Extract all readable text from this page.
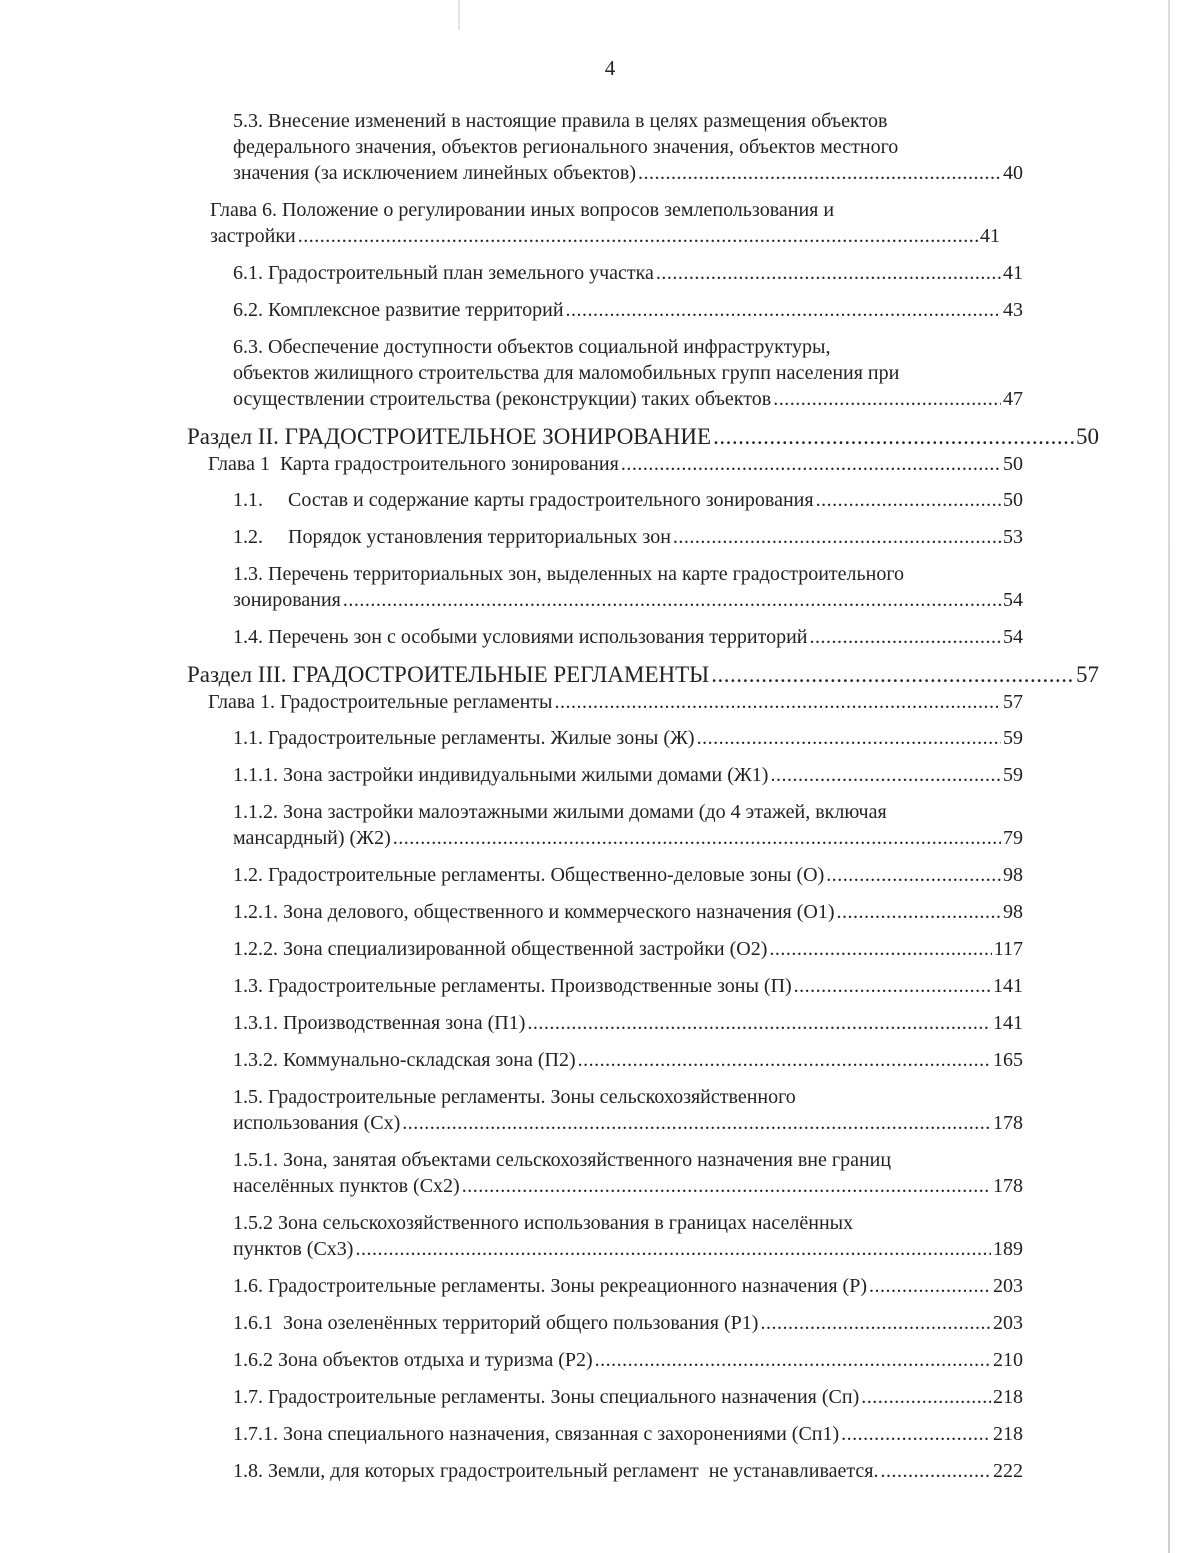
4
5.3. Внесение изменений в настоящие правила в целях размещения объектов
федерального значения, объектов регионального значения, объектов местного
значения (за исключением линейных объектов) .....	40
Глава 6. Положение о регулировании иных вопросов землепользования и
застройки .....	41
6.1. Градостроительный план земельного участка .....	41
6.2. Комплексное развитие территорий .....	43
6.3. Обеспечение доступности объектов социальной инфраструктуры,
объектов жилищного строительства для маломобильных групп населения при
осуществлении строительства (реконструкции) таких объектов .....	47
Раздел II. ГРАДОСТРОИТЕЛЬНОЕ ЗОНИРОВАНИЕ .....	50
Глава 1  Карта градостроительного зонирования .....	50
1.1.     Состав и содержание карты градостроительного зонирования .....	50
1.2.     Порядок установления территориальных зон .....	53
1.3. Перечень территориальных зон, выделенных на карте градостроительного
зонирования .....	54
1.4. Перечень зон с особыми условиями использования территорий .....	54
Раздел III. ГРАДОСТРОИТЕЛЬНЫЕ РЕГЛАМЕНТЫ .....	57
Глава 1. Градостроительные регламенты .....	57
1.1. Градостроительные регламенты. Жилые зоны (Ж) .....	59
1.1.1. Зона застройки индивидуальными жилыми домами (Ж1) .....	59
1.1.2. Зона застройки малоэтажными жилыми домами (до 4 этажей, включая
мансардный) (Ж2) .....	79
1.2. Градостроительные регламенты. Общественно-деловые зоны (О) .....	98
1.2.1. Зона делового, общественного и коммерческого назначения (О1) .....	98
1.2.2. Зона специализированной общественной застройки (О2) .....	117
1.3. Градостроительные регламенты. Производственные зоны (П) .....	141
1.3.1. Производственная зона (П1) .....	141
1.3.2. Коммунально-складская зона (П2) .....	165
1.5. Градостроительные регламенты. Зоны сельскохозяйственного
использования (Сх) .....	178
1.5.1. Зона, занятая объектами сельскохозяйственного назначения вне границ
населённых пунктов (Сх2) .....	178
1.5.2 Зона сельскохозяйственного использования в границах населённых
пунктов (Сх3) .....	189
1.6. Градостроительные регламенты. Зоны рекреационного назначения (Р) .....	203
1.6.1  Зона озеленённых территорий общего пользования (Р1) .....	203
1.6.2 Зона объектов отдыха и туризма (Р2) .....	210
1.7. Градостроительные регламенты. Зоны специального назначения (Сп) .....	218
1.7.1. Зона специального назначения, связанная с захоронениями (Сп1) .....	218
1.8. Земли, для которых градостроительный регламент  не устанавливается. .....	222
